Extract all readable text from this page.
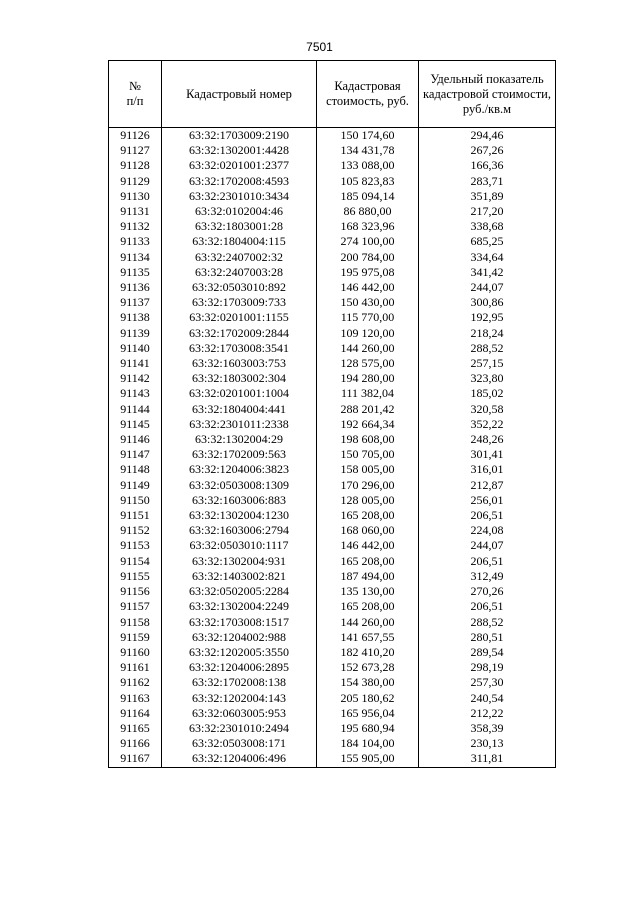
7501
№
п/п	Кадастровый номер	Кадастровая стоимость, руб.	Удельный показатель кадастровой стоимости, руб./кв.м
91126	63:32:1703009:2190	150 174,60	294,46
91127	63:32:1302001:4428	134 431,78	267,26
91128	63:32:0201001:2377	133 088,00	166,36
91129	63:32:1702008:4593	105 823,83	283,71
91130	63:32:2301010:3434	185 094,14	351,89
91131	63:32:0102004:46	86 880,00	217,20
91132	63:32:1803001:28	168 323,96	338,68
91133	63:32:1804004:115	274 100,00	685,25
91134	63:32:2407002:32	200 784,00	334,64
91135	63:32:2407003:28	195 975,08	341,42
91136	63:32:0503010:892	146 442,00	244,07
91137	63:32:1703009:733	150 430,00	300,86
91138	63:32:0201001:1155	115 770,00	192,95
91139	63:32:1702009:2844	109 120,00	218,24
91140	63:32:1703008:3541	144 260,00	288,52
91141	63:32:1603003:753	128 575,00	257,15
91142	63:32:1803002:304	194 280,00	323,80
91143	63:32:0201001:1004	111 382,04	185,02
91144	63:32:1804004:441	288 201,42	320,58
91145	63:32:2301011:2338	192 664,34	352,22
91146	63:32:1302004:29	198 608,00	248,26
91147	63:32:1702009:563	150 705,00	301,41
91148	63:32:1204006:3823	158 005,00	316,01
91149	63:32:0503008:1309	170 296,00	212,87
91150	63:32:1603006:883	128 005,00	256,01
91151	63:32:1302004:1230	165 208,00	206,51
91152	63:32:1603006:2794	168 060,00	224,08
91153	63:32:0503010:1117	146 442,00	244,07
91154	63:32:1302004:931	165 208,00	206,51
91155	63:32:1403002:821	187 494,00	312,49
91156	63:32:0502005:2284	135 130,00	270,26
91157	63:32:1302004:2249	165 208,00	206,51
91158	63:32:1703008:1517	144 260,00	288,52
91159	63:32:1204002:988	141 657,55	280,51
91160	63:32:1202005:3550	182 410,20	289,54
91161	63:32:1204006:2895	152 673,28	298,19
91162	63:32:1702008:138	154 380,00	257,30
91163	63:32:1202004:143	205 180,62	240,54
91164	63:32:0603005:953	165 956,04	212,22
91165	63:32:2301010:2494	195 680,94	358,39
91166	63:32:0503008:171	184 104,00	230,13
91167	63:32:1204006:496	155 905,00	311,81
